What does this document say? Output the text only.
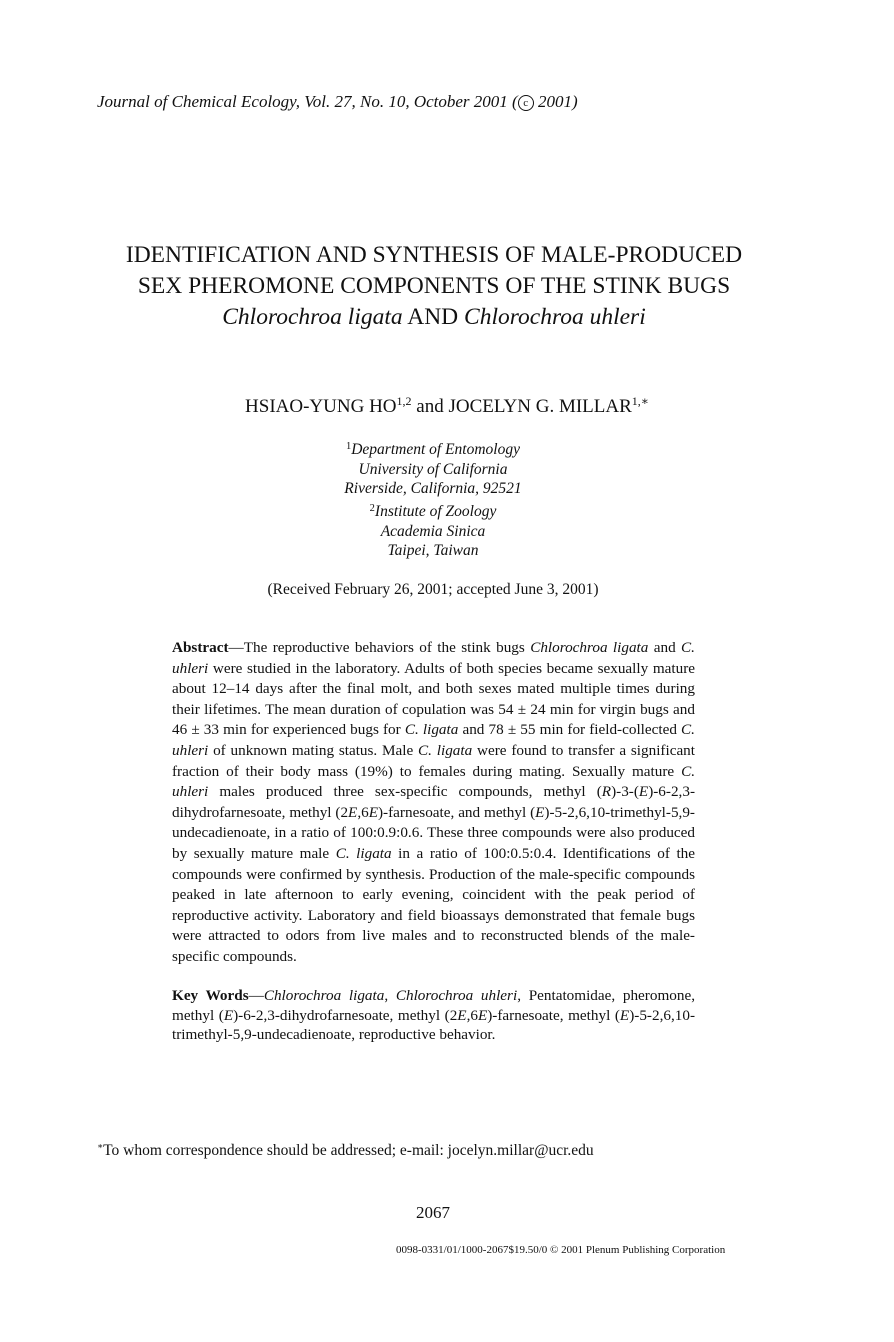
Journal of Chemical Ecology, Vol. 27, No. 10, October 2001 ( c 2001)
IDENTIFICATION AND SYNTHESIS OF MALE-PRODUCED
SEX PHEROMONE COMPONENTS OF THE STINK BUGS
Chlorochroa ligata AND Chlorochroa uhleri
HSIAO-YUNG HO$^{1,2}$ and JOCELYN G. $MILLAR^{1,∗}$
$^1$Department of Entomology
University of California
Riverside, California, 92521
$^2$Institute of Zoology
Academia Sinica
Taipei, Taiwan
(Received February 26, 2001; accepted June 3, 2001)
Abstract—The reproductive behaviors of the stink bugs Chlorochroa ligata and C. uhleri were studied in the laboratory. Adults of both species became sexually mature about 12–14 days after the final molt, and both sexes mated multiple times during their lifetimes. The mean duration of copulation was 54 ± 24 min for virgin bugs and 46 ± 33 min for experienced bugs for C. ligata and 78 ± 55 min for field-collected C. uhleri of unknown mating status. Male C. ligata were found to transfer a significant fraction of their body mass (19%) to females during mating. Sexually mature C. uhleri males produced three sex-specific compounds, methyl (R)-3-(E)-6-2,3-dihydrofarnesoate, methyl (2E,6E)-farnesoate, and methyl (E)-5-2,6,10-trimethyl-5,9-undecadienoate, in a ratio of 100:0.9:0.6. These three compounds were also produced by sexually mature male C. ligata in a ratio of 100:0.5:0.4. Identifications of the compounds were confirmed by synthesis. Production of the male-specific compounds peaked in late afternoon to early evening, coincident with the peak period of reproductive activity. Laboratory and field bioassays demonstrated that female bugs were attracted to odors from live males and to reconstructed blends of the male-specific compounds.
Key Words—Chlorochroa ligata, Chlorochroa uhleri, Pentatomidae, pheromone, methyl (E)-6-2,3-dihydrofarnesoate, methyl (2E,6E)-farnesoate, methyl (E)-5-2,6,10-trimethyl-5,9-undecadienoate, reproductive behavior.
∗To whom correspondence should be addressed; e-mail: jocelyn.millar@ucr.edu
2067
0098-0331/01/1000-2067$19.50/0 © 2001 Plenum Publishing Corporation
